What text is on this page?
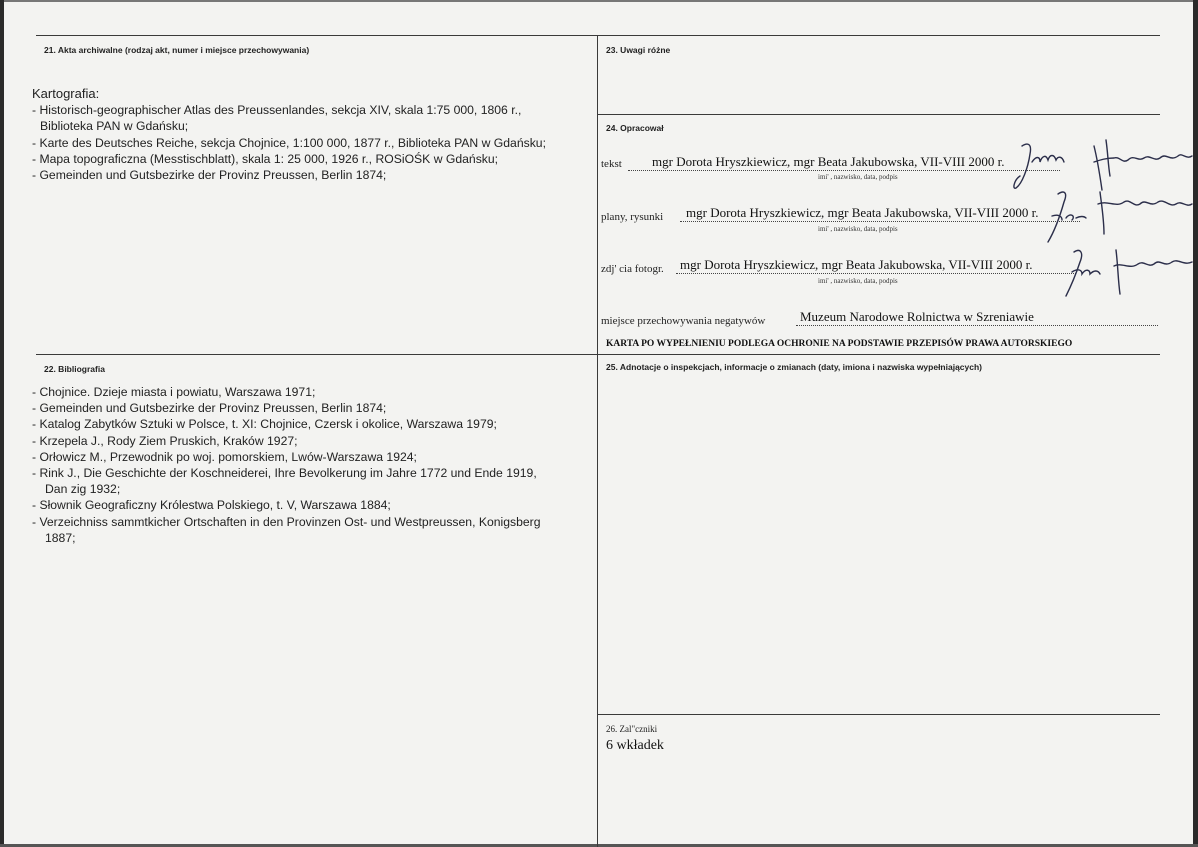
21. Akta archiwalne (rodzaj akt, numer i miejsce przechowywania)
Kartografia:
- Historisch-geographischer Atlas des Preussenlandes, sekcja XIV, skala 1:75 000, 1806 r.,
Biblioteka PAN w Gdańsku;
- Karte des Deutsches Reiche, sekcja Chojnice, 1:100 000, 1877 r., Biblioteka PAN w Gdańsku;
- Mapa topograficzna (Messtischblatt), skala 1: 25 000, 1926 r., ROSiOŚK w Gdańsku;
- Gemeinden und Gutsbezirke der Provinz Preussen, Berlin 1874;
22. Bibliografia
- Chojnice. Dzieje miasta i powiatu, Warszawa 1971;
- Gemeinden und Gutsbezirke der Provinz Preussen, Berlin 1874;
- Katalog Zabytków Sztuki w Polsce, t. XI: Chojnice, Czersk i okolice, Warszawa 1979;
- Krzepela J., Rody Ziem Pruskich, Kraków 1927;
- Orłowicz M., Przewodnik po woj. pomorskiem, Lwów-Warszawa 1924;
- Rink J., Die Geschichte der Koschneiderei, Ihre Bevolkerung im Jahre 1772 und Ende 1919,
Dan zig 1932;
- Słownik Geograficzny Królestwa Polskiego, t. V, Warszawa 1884;
- Verzeichniss sammtkicher Ortschaften in den Provinzen Ost- und Westpreussen, Konigsberg
1887;
23. Uwagi różne
24. Opracował
tekst mgr Dorota Hryszkiewicz, mgr Beata Jakubowska, VII-VIII 2000 r.
imi' , nazwisko, data, podpis
plany, rysunki mgr Dorota Hryszkiewicz, mgr Beata Jakubowska, VII-VIII 2000 r.
imi' , nazwisko, data, podpis
zdj' cia fotogr. mgr Dorota Hryszkiewicz, mgr Beata Jakubowska, VII-VIII 2000 r.
imi' , nazwisko, data, podpis
miejsce przechowywania negatywów	Muzeum Narodowe Rolnictwa w Szreniawie
KARTA PO WYPEŁNIENIU PODLEGA OCHRONIE NA PODSTAWIE PRZEPISÓW PRAWA AUTORSKIEGO
25. Adnotacje o inspekcjach, informacje o zmianach (daty, imiona i nazwiska wypełniających)
26. Zal"czniki
6 wkładek
